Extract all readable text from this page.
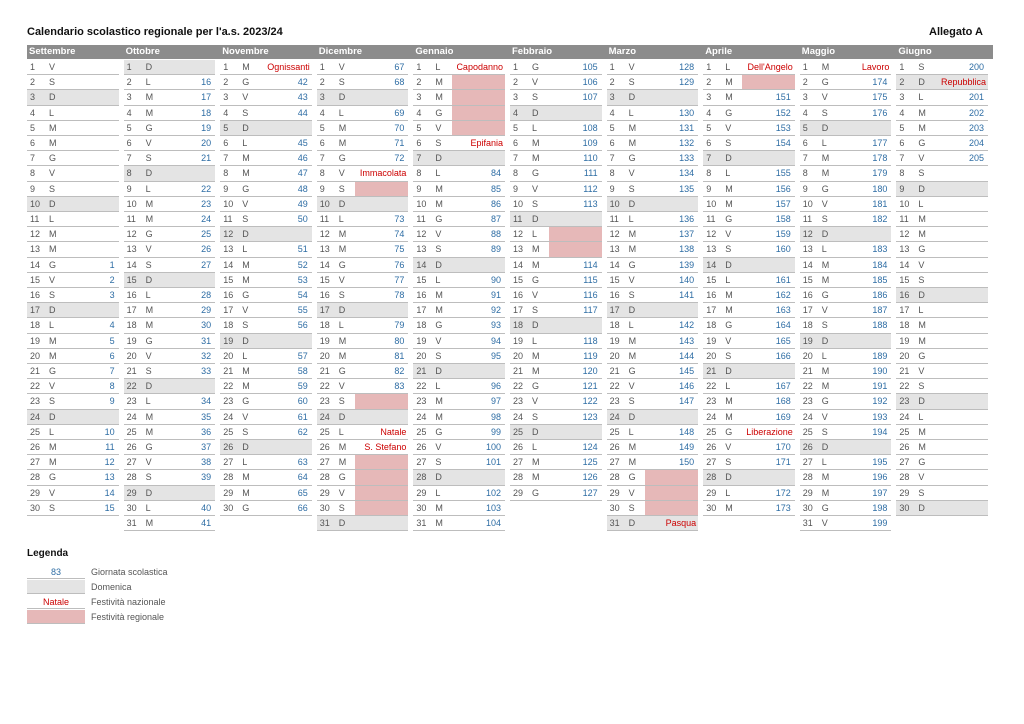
Calendario scolastico regionale per l'a.s. 2023/24	Allegato A
Settembre
1 V
2 S
3 D
4 L
5 M
6 M
7 G
8 V
9 S
10 D
11 L
12 M
13 M
14 G	1
15 V	2
16 S	3
17 D
18 L	4
19 M	5
20 M	6
21 G	7
22 V	8
23 S	9
24 D
25 L	10
26 M	11
27 M	12
28 G	13
29 V	14
30 S	15
Ottobre
1 D
2 L	16
3 M	17
4 M	18
5 G	19
6 V	20
7 S	21
8 D
9 L	22
10 M	23
11 M	24
12 G	25
13 V	26
14 S	27
15 D
16 L	28
17 M	29
18 M	30
19 G	31
20 V	32
21 S	33
22 D
23 L	34
24 M	35
25 M	36
26 G	37
27 V	38
28 S	39
29 D
30 L	40
31 M	41
Novembre
1 M Ognissanti
2 G	42
3 V	43
4 S	44
5 D
6 L	45
7 M	46
8 M	47
9 G	48
10 V	49
11 S	50
12 D
13 L	51
14 M	52
15 M	53
16 G	54
17 V	55
18 S	56
19 D
20 L	57
21 M	58
22 M	59
23 G	60
24 V	61
25 S	62
26 D
27 L	63
28 M	64
29 M	65
30 G	66
Dicembre
1 V	67
2 S	68
3 D
4 L	69
5 M	70
6 M	71
7 G	72
8 V Immacolata
9 S
10 D
11 L	73
12 M	74
13 M	75
14 G	76
15 V	77
16 S	78
17 D
18 L	79
19 M	80
20 M	81
21 G	82
22 V	83
23 S
24 D
25 L	Natale
26 M S. Stefano
27 M
28 G
29 V
30 S
31 D
Gennaio
1 L Capodanno
2 M
3 M
4 G
5 V
6 S	Epifania
7 D
8 L	84
9 M	85
10 M	86
11 G	87
12 V	88
13 S	89
14 D
15 L	90
16 M	91
17 M	92
18 G	93
19 V	94
20 S	95
21 D
22 L	96
23 M	97
24 M	98
25 G	99
26 V	100
27 S	101
28 D
29 L	102
30 M	103
31 M	104
Febbraio
1 G	105
2 V	106
3 S	107
4 D
5 L	108
6 M	109
7 M	110
8 G	111
9 V	112
10 S	113
11 D
12 L
13 M
14 M	114
15 G	115
16 V	116
17 S	117
18 D
19 L	118
20 M	119
21 M	120
22 G	121
23 V	122
24 S	123
25 D
26 L	124
27 M	125
28 M	126
29 G	127
Marzo
1 V	128
2 S	129
3 D
4 L	130
5 M	131
6 M	132
7 G	133
8 V	134
9 S	135
10 D
11 L	136
12 M	137
13 M	138
14 G	139
15 V	140
16 S	141
17 D
18 L	142
19 M	143
20 M	144
21 G	145
22 V	146
23 S	147
24 D
25 L	148
26 M	149
27 M	150
28 G
29 V
30 S
31 D	Pasqua
Aprile
1 L Dell'Angelo
2 M
3 M	151
4 G	152
5 V	153
6 S	154
7 D
8 L	155
9 M	156
10 M	157
11 G	158
12 V	159
13 S	160
14 D
15 L	161
16 M	162
17 M	163
18 G	164
19 V	165
20 S	166
21 D
22 L	167
23 M	168
24 M	169
25 G Liberazione
26 V	170
27 S	171
28 D
29 L	172
30 M	173
Maggio
1 M	Lavoro
2 G	174
3 V	175
4 S	176
5 D
6 L	177
7 M	178
8 M	179
9 G	180
10 V	181
11 S	182
12 D
13 L	183
14 M	184
15 M	185
16 G	186
17 V	187
18 S	188
19 D
20 L	189
21 M	190
22 M	191
23 G	192
24 V	193
25 S	194
26 D
27 L	195
28 M	196
29 M	197
30 G	198
31 V	199
Giugno
1 S	200
2 D Repubblica
3 L	201
4 M	202
5 M	203
6 G	204
7 V	205
8 S
9 D
10 L
11 M
12 M
13 G
14 V
15 S
16 D
17 L
18 M
19 M
20 G
21 V
22 S
23 D
24 L
25 M
26 M
27 G
28 V
29 S
30 D
Legenda
83	Giornata scolastica
Domenica
Natale	Festività nazionale
Festività regionale
